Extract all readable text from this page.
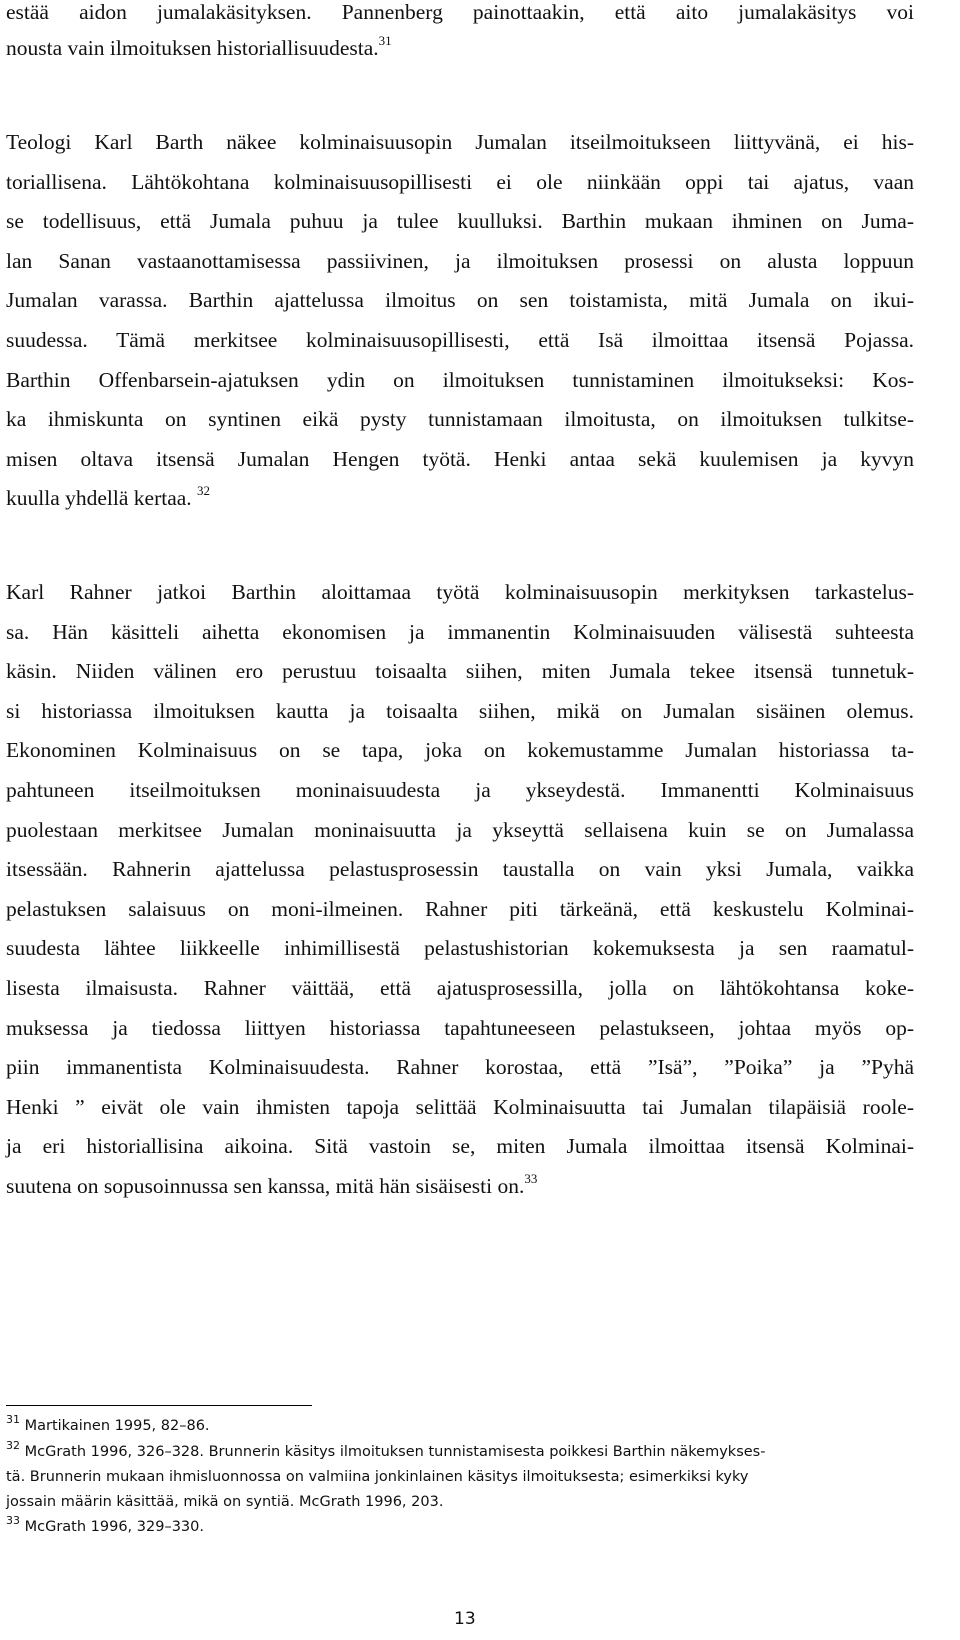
estää aidon jumalakäsityksen. Pannenberg painottaakin, että aito jumalakäsitys voi
nousta vain ilmoituksen historiallisuudesta.$^{31}$
Teologi Karl Barth näkee kolminaisuusopin Jumalan itseilmoitukseen liittyvänä, ei his-
toriallisena. Lähtökohtana kolminaisuusopillisesti ei ole niinkään oppi tai ajatus, vaan
se todellisuus, että Jumala puhuu ja tulee kuulluksi. Barthin mukaan ihminen on Juma-
lan Sanan vastaanottamisessa passiivinen, ja ilmoituksen prosessi on alusta loppuun
Jumalan varassa. Barthin ajattelussa ilmoitus on sen toistamista, mitä Jumala on ikui-
suudessa. Tämä merkitsee kolminaisuusopillisesti, että Isä ilmoittaa itsensä Pojassa.
Barthin Offenbarsein-ajatuksen ydin on ilmoituksen tunnistaminen ilmoitukseksi: Kos-
ka ihmiskunta on syntinen eikä pysty tunnistamaan ilmoitusta, on ilmoituksen tulkitse-
misen oltava itsensä Jumalan Hengen työtä. Henki antaa sekä kuulemisen ja kyvyn
kuulla yhdellä kertaa. $^{32}$
Karl Rahner jatkoi Barthin aloittamaa työtä kolminaisuusopin merkityksen tarkastelus-
sa. Hän käsitteli aihetta ekonomisen ja immanentin Kolminaisuuden välisestä suhteesta
käsin. Niiden välinen ero perustuu toisaalta siihen, miten Jumala tekee itsensä tunnetuk-
si historiassa ilmoituksen kautta ja toisaalta siihen, mikä on Jumalan sisäinen olemus.
Ekonominen Kolminaisuus on se tapa, joka on kokemustamme Jumalan historiassa ta-
pahtuneen itseilmoituksen moninaisuudesta ja ykseydestä. Immanentti Kolminaisuus
puolestaan merkitsee Jumalan moninaisuutta ja ykseyttä sellaisena kuin se on Jumalassa
itsessään. Rahnerin ajattelussa pelastusprosessin taustalla on vain yksi Jumala, vaikka
pelastuksen salaisuus on moni-ilmeinen. Rahner piti tärkeänä, että keskustelu Kolminai-
suudesta lähtee liikkeelle inhimillisestä pelastushistorian kokemuksesta ja sen raamatul-
lisesta ilmaisusta. Rahner väittää, että ajatusprosessilla, jolla on lähtökohtansa koke-
muksessa ja tiedossa liittyen historiassa tapahtuneeseen pelastukseen, johtaa myös op-
piin immanentista Kolminaisuudesta. Rahner korostaa, että ”Isä”, ”Poika” ja ”Pyhä
Henki ” eivät ole vain ihmisten tapoja selittää Kolminaisuutta tai Jumalan tilapäisiä roole-
ja eri historiallisina aikoina. Sitä vastoin se, miten Jumala ilmoittaa itsensä Kolminai-
suutena on sopusoinnussa sen kanssa, mitä hän sisäisesti on.$^{33}$
$^{31}$ Martikainen 1995, 82–86.
$^{32}$ McGrath 1996, 326–328. Brunnerin käsitys ilmoituksen tunnistamisesta poikkesi Barthin näkemykses-
tä. Brunnerin mukaan ihmisluonnossa on valmiina jonkinlainen käsitys ilmoituksesta; esimerkiksi kyky
jossain määrin käsittää, mikä on syntiä. McGrath 1996, 203.
$^{33}$ McGrath 1996, 329–330.
13
